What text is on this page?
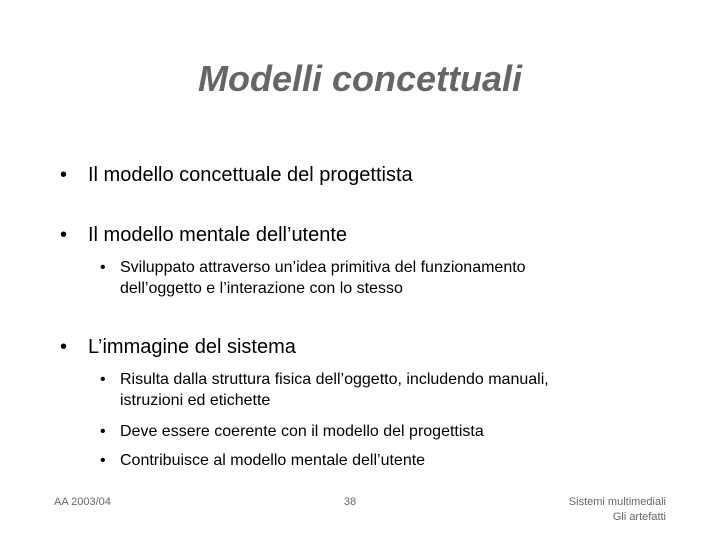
Modelli concettuali
• Il modello concettuale del progettista
• Il modello mentale dell’utente
• Sviluppato attraverso un’idea primitiva del funzionamento
dell’oggetto e l’interazione con lo stesso
• L’immagine del sistema
• Risulta dalla struttura fisica dell’oggetto, includendo manuali,
istruzioni ed etichette
• Deve essere coerente con il modello del progettista
• Contribuisce al modello mentale dell’utente
AA 2003/04	38	Sistemi multimediali
Gli artefatti
